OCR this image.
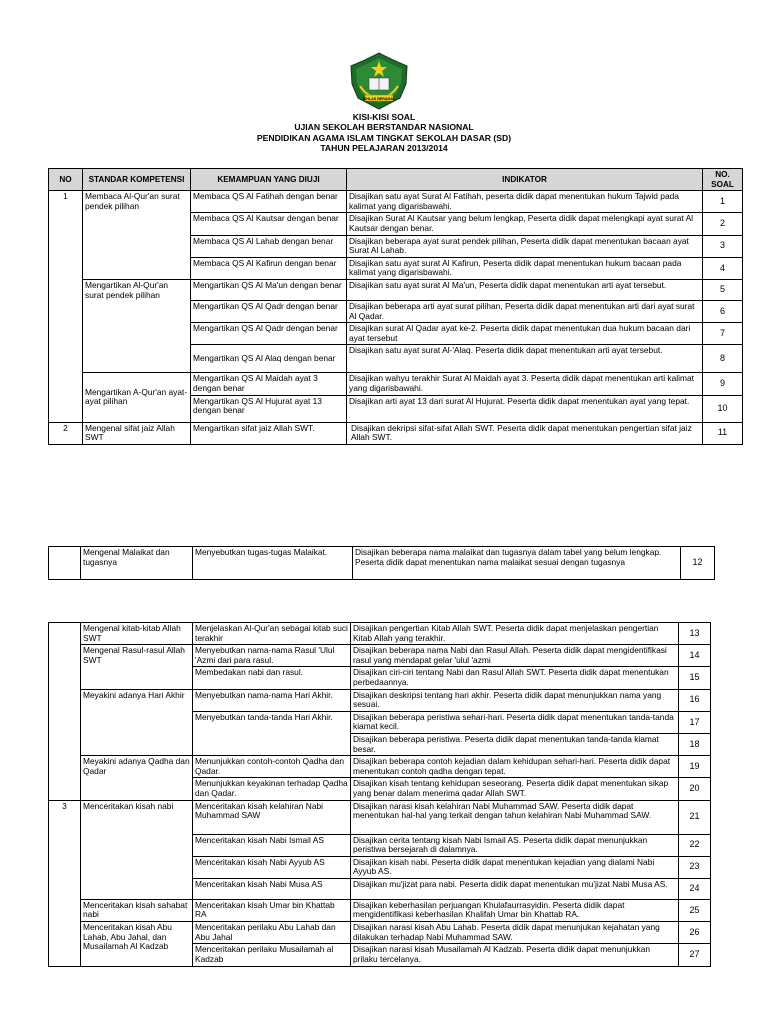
IKHLAS BERAMAL
KISI-KISI SOAL
UJIAN SEKOLAH BERSTANDAR NASIONAL
PENDIDIKAN AGAMA ISLAM TINGKAT SEKOLAH DASAR (SD)
TAHUN PELAJARAN 2013/2014
NO	STANDAR KOMPETENSI	KEMAMPUAN YANG DIUJI	INDIKATOR	NO. SOAL
1	Membaca Al-Qur'an surat pendek pilihan	Membaca QS Al Fatihah dengan benar	Disajikan satu ayat Surat Al Fatihah, peserta didik dapat menentukan hukum Tajwid pada kalimat yang digarisbawahi.	1
		Membaca QS Al Kautsar dengan benar	Disajikan Surat Al Kautsar yang belum lengkap, Peserta didik dapat melengkapi ayat surat Al Kautsar dengan benar.	2
		Membaca QS Al Lahab dengan benar	Disajikan beberapa ayat surat pendek pilihan, Peserta didik dapat menentukan bacaan ayat Surat Al Lahab.	3
		Membaca QS Al Kafirun dengan benar	Disajikan satu ayat surat Al Kafirun, Peserta didik dapat menentukan hukum bacaan pada kalimat yang digarisbawahi.	4
	Mengartikan Al-Qur'an surat pendek pilihan	Mengartikan QS Al Ma'un dengan benar	Disajikan satu ayat surat Al Ma'un, Peserta didik dapat menentukan arti ayat tersebut.	5
		Mengartikan QS Al Qadr dengan benar	Disajikan beberapa arti ayat surat pilihan, Peserta didik dapat menentukan arti dari ayat surat Al Qadar.	6
		Mengartikan QS Al Qadr dengan benar	Disajikan surat Al Qadar ayat ke-2. Peserta didik dapat menentukan dua hukum bacaan dari ayat tersebut	7
		Mengartikan QS Al Alaq dengan benar	Disajikan satu ayat surat Al-'Alaq. Peserta didik dapat menentukan arti ayat tersebut.	8
	Mengartikan A-Qur'an ayat-ayat pilihan	Mengartikan QS Al Maidah ayat 3 dengan benar	Disajikan wahyu terakhir Surat Al Maidah ayat 3. Peserta didik dapat menentukan arti kalimat yang digarisbawahi.	9
		Mengartikan QS Al Hujurat ayat 13 dengan benar	Disajikan arti ayat 13 dari surat Al Hujurat. Peserta didik dapat menentukan ayat yang tepat.	10
2	Mengenal sifat jaiz Allah SWT	Mengartikan sifat jaiz Allah SWT.	Disajikan dekripsi sifat-sifat Allah SWT. Peserta didik dapat menentukan pengertian sifat jaiz Allah SWT.	11
	Mengenal Malaikat dan tugasnya	Menyebutkan tugas-tugas Malaikat.	Disajikan beberapa nama malaikat dan tugasnya dalam tabel yang belum lengkap. Peserta didik dapat menentukan nama malaikat sesuai dengan tugasnya	12
	Mengenal kitab-kitab Allah SWT	Menjelaskan Al-Qur'an sebagai kitab suci terakhir	Disajikan pengertian Kitab Allah SWT. Peserta didik dapat menjelaskan pengertian Kitab Allah yang terakhir.	13
	Mengenal Rasul-rasul Allah SWT	Menyebutkan nama-nama Rasul 'Ulul 'Azmi dari para rasul.	Disajikan beberapa nama Nabi dan Rasul Allah. Peserta didik dapat mengidentifikasi rasul yang mendapat gelar 'ulul 'azmi	14
		Membedakan nabi dan rasul.	Disajikan ciri-ciri tentang Nabi dan Rasul Allah SWT. Peserta didik dapat menentukan perbedaannya.	15
	Meyakini adanya Hari Akhir	Menyebutkan nama-nama Hari Akhir.	Disajikan deskripsi tentang hari akhir. Peserta didik dapat menunjukkan nama yang sesuai.	16
		Menyebutkan tanda-tanda Hari Akhir.	Disajikan beberapa peristiwa sehari-hari. Peserta didik dapat menentukan tanda-tanda kiamat kecil.	17
			Disajikan beberapa peristiwa. Peserta didik dapat menentukan tanda-tanda kiamat besar.	18
	Meyakini adanya Qadha dan Qadar	Menunjukkan contoh-contoh Qadha dan Qadar.	Disajikan beberapa contoh kejadian dalam kehidupan sehari-hari. Peserta didik dapat menentukan contoh qadha dengan tepat.	19
		Menunjukkan keyakinan terhadap Qadha dan Qadar.	Disajikan kisah tentang kehidupan seseorang. Peserta didik dapat menentukan sikap yang benar dalam menerima qadar Allah SWT.	20
3	Menceritakan kisah nabi	Menceritakan kisah kelahiran Nabi Muhammad SAW	Disajikan narasi kisah kelahiran Nabi Muhammad SAW. Peserta didik dapat menentukan hal-hal yang terkait dengan tahun kelahiran Nabi Muhammad SAW.	21
		Menceritakan kisah Nabi Ismail AS	Disajikan cerita tentang kisah Nabi Ismail AS. Peserta didik dapat menunjukkan peristiwa bersejarah di dalamnya.	22
		Menceritakan kisah Nabi Ayyub AS	Disajikan kisah nabi. Peserta didik dapat menentukan kejadian yang dialami Nabi Ayyub AS.	23
		Menceritakan kisah Nabi Musa AS	Disajikan mu'jizat para nabi. Peserta didik dapat menentukan mu'jizat Nabi Musa AS.	24
	Menceritakan kisah sahabat nabi	Menceritakan kisah Umar bin Khattab RA	Disajikan keberhasilan perjuangan Khulafaurrasyidin. Peserta didik dapat mengidentifikasi keberhasilan Khalifah Umar bin Khattab RA.	25
	Menceritakan kisah Abu Lahab, Abu Jahal, dan Musailamah Al Kadzab	Menceritakan perilaku Abu Lahab dan Abu Jahal	Disajikan narasi kisah Abu Lahab. Peserta didik dapat menunjukan kejahatan yang dilakukan terhadap Nabi Muhammad SAW.	26
		Menceritakan perilaku Musailamah al Kadzab	Disajikan narasi kisah Musailamah Al Kadzab. Peserta didik dapat menunjukkan prilaku tercelanya.	27
